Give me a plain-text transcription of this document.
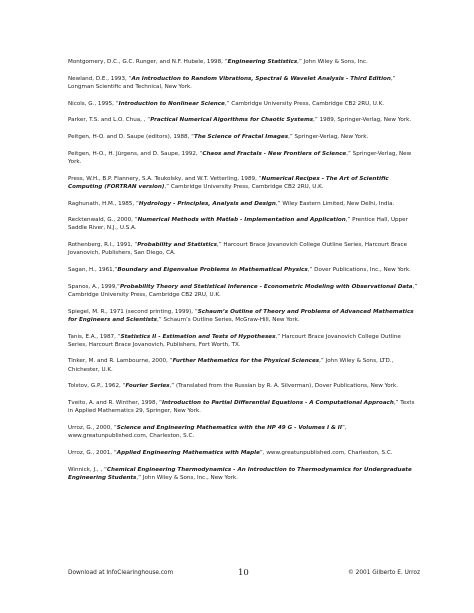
Montgomery, D.C., G.C. Runger, and N.F. Hubele, 1998, “Engineering Statistics,” John Wiley & Sons, Inc.

Newland, D.E., 1993, “An Introduction to Random Vibrations, Spectral & Wavelet Analysis - Third Edition,” Longman Scientific and Technical, New York.

Nicols, G., 1995, “Introduction to Nonlinear Science,” Cambridge University Press, Cambridge CB2 2RU, U.K.

Parker, T.S. and L.O. Chua, , “Practical Numerical Algorithms for Chaotic Systems,” 1989, Springer-Verlag, New York.

Peitgen, H-O. and D. Saupe (editors), 1988, “The Science of Fractal Images,” Springer-Verlag, New York.

Peitgen, H-O., H. Jürgens, and D. Saupe, 1992, “Chaos and Fractals - New Frontiers of Science,” Springer-Verlag, New York.

Press, W.H., B.P. Flannery, S.A. Teukolsky, and W.T. Vetterling, 1989, “Numerical Recipes - The Art of Scientific Computing (FORTRAN version),” Cambridge University Press, Cambridge CB2 2RU, U.K.

Raghunath, H.M., 1985, “Hydrology - Principles, Analysis and Design,” Wiley Eastern Limited, New Delhi, India.

Recktenwald, G., 2000, “Numerical Methods with Matlab - Implementation and Application,” Prentice Hall, Upper Saddle River, N.J., U.S.A.

Rothenberg, R.I., 1991, “Probability and Statistics,” Harcourt Brace Jovanovich College Outline Series, Harcourt Brace Jovanovich, Publishers, San Diego, CA.

Sagan, H., 1961,“Boundary and Eigenvalue Problems in Mathematical Physics,” Dover Publications, Inc., New York.

Spanos, A., 1999,“Probability Theory and Statistical Inference - Econometric Modeling with Observational Data,” Cambridge University Press, Cambridge CB2 2RU, U.K.

Spiegel, M. R., 1971 (second printing, 1999), “Schaum’s Outline of Theory and Problems of Advanced Mathematics for Engineers and Scientists,” Schaum’s Outline Series, McGraw-Hill, New York.

Tanis, E.A., 1987, “Statistics II - Estimation and Tests of Hypotheses,” Harcourt Brace Jovanovich College Outline Series, Harcourt Brace Jovanovich, Publishers, Fort Worth, TX.

Tinker, M. and R. Lambourne, 2000, “Further Mathematics for the Physical Sciences,” John Wiley & Sons, LTD., Chichester, U.K.

Tolstov, G.P., 1962, “Fourier Series,” (Translated from the Russian by R. A. Silverman), Dover Publications, New York.

Tveito, A. and R. Winther, 1998, “Introduction to Partial Differential Equations - A Computational Approach,” Texts in Applied Mathematics 29, Springer, New York.

Urroz, G., 2000, “Science and Engineering Mathematics with the HP 49 G - Volumes I & II”, www.greatunpublished.com, Charleston, S.C.

Urroz, G., 2001, “Applied Engineering Mathematics with Maple”, www.greatunpublished.com, Charleston, S.C.

Winnick, J., , “Chemical Engineering Thermodynamics - An Introduction to Thermodynamics for Undergraduate Engineering Students,” John Wiley & Sons, Inc., New York.

Download at InfoClearinghouse.com	10	© 2001 Gilberto E. Urroz
